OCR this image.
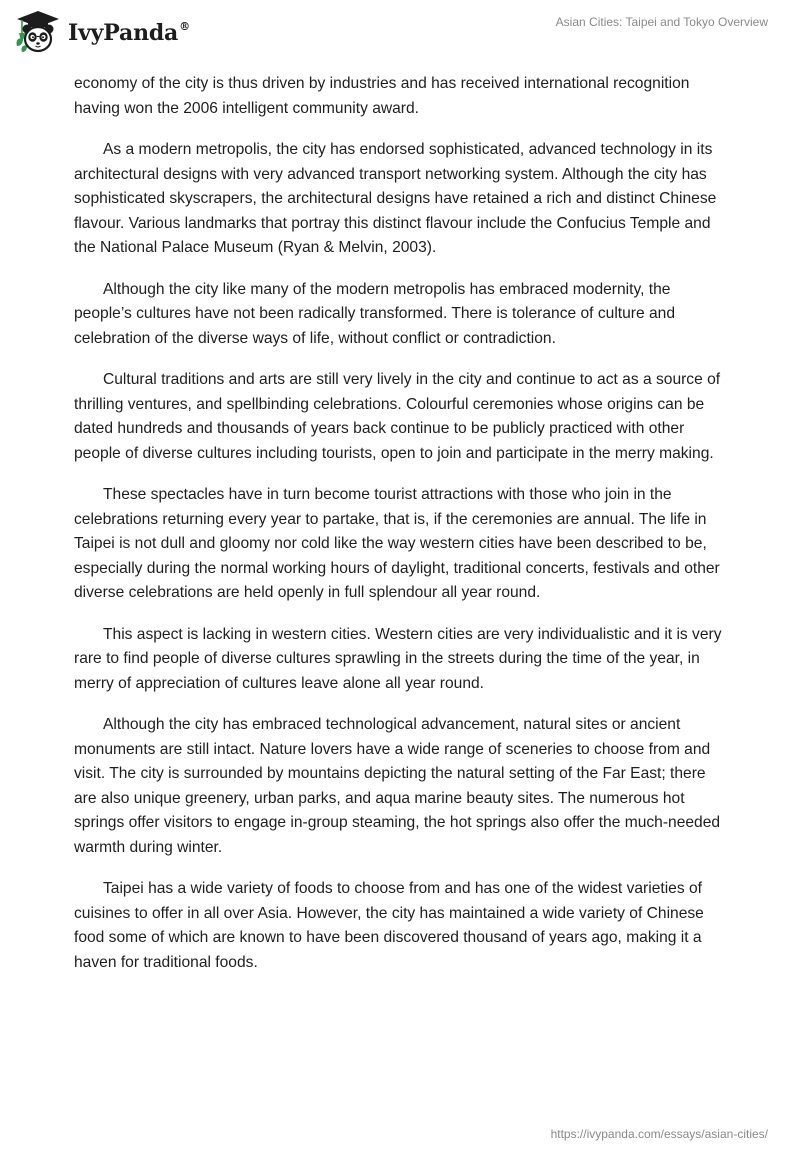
IvyPanda®	Asian Cities: Taipei and Tokyo Overview

economy of the city is thus driven by industries and has received international recognition having won the 2006 intelligent community award.

As a modern metropolis, the city has endorsed sophisticated, advanced technology in its architectural designs with very advanced transport networking system. Although the city has sophisticated skyscrapers, the architectural designs have retained a rich and distinct Chinese flavour. Various landmarks that portray this distinct flavour include the Confucius Temple and the National Palace Museum (Ryan & Melvin, 2003).

Although the city like many of the modern metropolis has embraced modernity, the people’s cultures have not been radically transformed. There is tolerance of culture and celebration of the diverse ways of life, without conflict or contradiction.

Cultural traditions and arts are still very lively in the city and continue to act as a source of thrilling ventures, and spellbinding celebrations. Colourful ceremonies whose origins can be dated hundreds and thousands of years back continue to be publicly practiced with other people of diverse cultures including tourists, open to join and participate in the merry making.

These spectacles have in turn become tourist attractions with those who join in the celebrations returning every year to partake, that is, if the ceremonies are annual. The life in Taipei is not dull and gloomy nor cold like the way western cities have been described to be, especially during the normal working hours of daylight, traditional concerts, festivals and other diverse celebrations are held openly in full splendour all year round.

This aspect is lacking in western cities. Western cities are very individualistic and it is very rare to find people of diverse cultures sprawling in the streets during the time of the year, in merry of appreciation of cultures leave alone all year round.

Although the city has embraced technological advancement, natural sites or ancient monuments are still intact. Nature lovers have a wide range of sceneries to choose from and visit. The city is surrounded by mountains depicting the natural setting of the Far East; there are also unique greenery, urban parks, and aqua marine beauty sites. The numerous hot springs offer visitors to engage in-group steaming, the hot springs also offer the much-needed warmth during winter.

Taipei has a wide variety of foods to choose from and has one of the widest varieties of cuisines to offer in all over Asia. However, the city has maintained a wide variety of Chinese food some of which are known to have been discovered thousand of years ago, making it a haven for traditional foods.

https://ivypanda.com/essays/asian-cities/
